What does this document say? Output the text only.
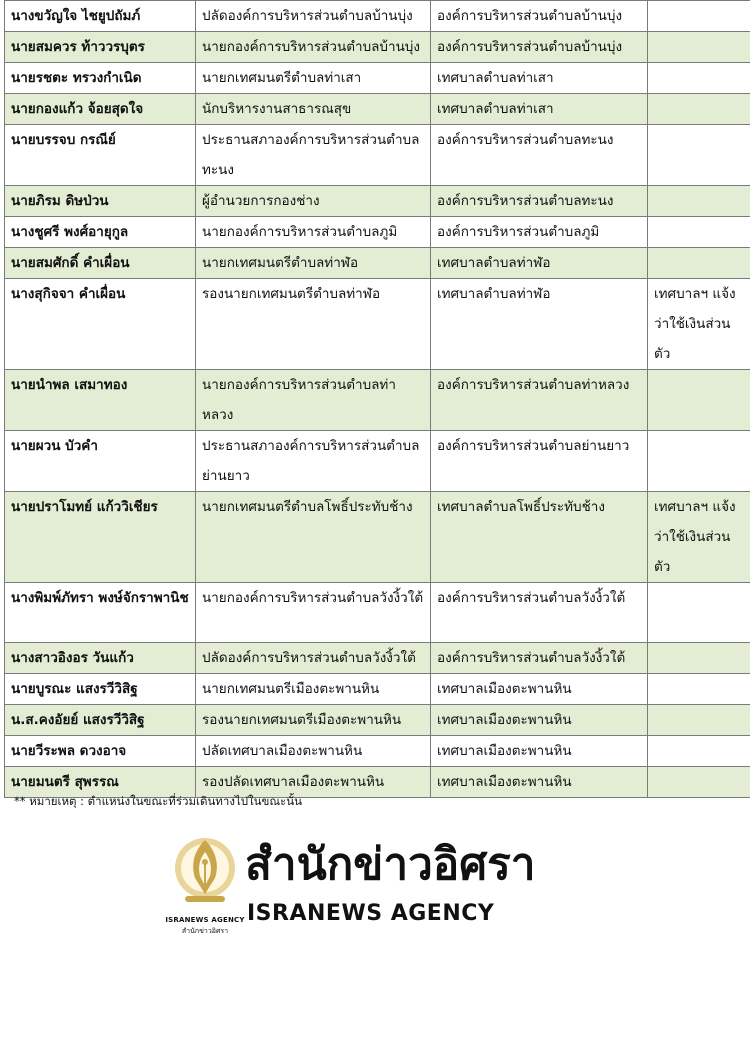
นางขวัญใจ ไชยูปถัมภ์	ปลัดองค์การบริหารส่วนตำบลบ้านบุ่ง	องค์การบริหารส่วนตำบลบ้านบุ่ง	
นายสมควร ท้าววรบุตร	นายกองค์การบริหารส่วนตำบลบ้านบุ่ง	องค์การบริหารส่วนตำบลบ้านบุ่ง	
นายรชตะ ทรวงกำเนิด	นายกเทศมนตรีตำบลท่าเสา	เทศบาลตำบลท่าเสา	
นายกองแก้ว จ้อยสุดใจ	นักบริหารงานสาธารณสุข	เทศบาลตำบลท่าเสา	
นายบรรจบ กรณีย์	ประธานสภาองค์การบริหารส่วนตำบลทะนง	องค์การบริหารส่วนตำบลทะนง	
นายภิรม ดิษป่วน	ผู้อำนวยการกองช่าง	องค์การบริหารส่วนตำบลทะนง	
นางชูศรี พงศ์อายุกูล	นายกองค์การบริหารส่วนตำบลภูมิ	องค์การบริหารส่วนตำบลภูมิ	
นายสมศักดิ์ คำเผื่อน	นายกเทศมนตรีตำบลท่าฬ่อ	เทศบาลตำบลท่าฬ่อ	
นางสุกิจจา คำเผื่อน	รองนายกเทศมนตรีตำบลท่าฬ่อ	เทศบาลตำบลท่าฬ่อ	เทศบาลฯ แจ้งว่าใช้เงินส่วนตัว
นายนำพล เสมาทอง	นายกองค์การบริหารส่วนตำบลท่าหลวง	องค์การบริหารส่วนตำบลท่าหลวง	
นายผวน บัวคำ	ประธานสภาองค์การบริหารส่วนตำบลย่านยาว	องค์การบริหารส่วนตำบลย่านยาว	
นายปราโมทย์ แก้ววิเชียร	นายกเทศมนตรีตำบลโพธิ์ประทับช้าง	เทศบาลตำบลโพธิ์ประทับช้าง	เทศบาลฯ แจ้งว่าใช้เงินส่วนตัว
นางพิมพ์ภัทรา พงษ์จักราพานิช	นายกองค์การบริหารส่วนตำบลวังงิ้วใต้	องค์การบริหารส่วนตำบลวังงิ้วใต้	
นางสาวอิงอร วันแก้ว	ปลัดองค์การบริหารส่วนตำบลวังงิ้วใต้	องค์การบริหารส่วนตำบลวังงิ้วใต้	
นายบูรณะ แสงรวีวิสิฐ	นายกเทศมนตรีเมืองตะพานหิน	เทศบาลเมืองตะพานหิน	
น.ส.คงอัยย์ แสงรวีวิสิฐ	รองนายกเทศมนตรีเมืองตะพานหิน	เทศบาลเมืองตะพานหิน	
นายวีระพล ดวงอาจ	ปลัดเทศบาลเมืองตะพานหิน	เทศบาลเมืองตะพานหิน	
นายมนตรี สุพรรณ	รองปลัดเทศบาลเมืองตะพานหิน	เทศบาลเมืองตะพานหิน	
** หมายเหตุ : ตำแหน่งในขณะที่ร่วมเดินทางไปในขณะนั้น
ISRANEWS AGENCY
สำนักข่าวอิศรา
สำนักข่าวอิศรา
ISRANEWS AGENCY
